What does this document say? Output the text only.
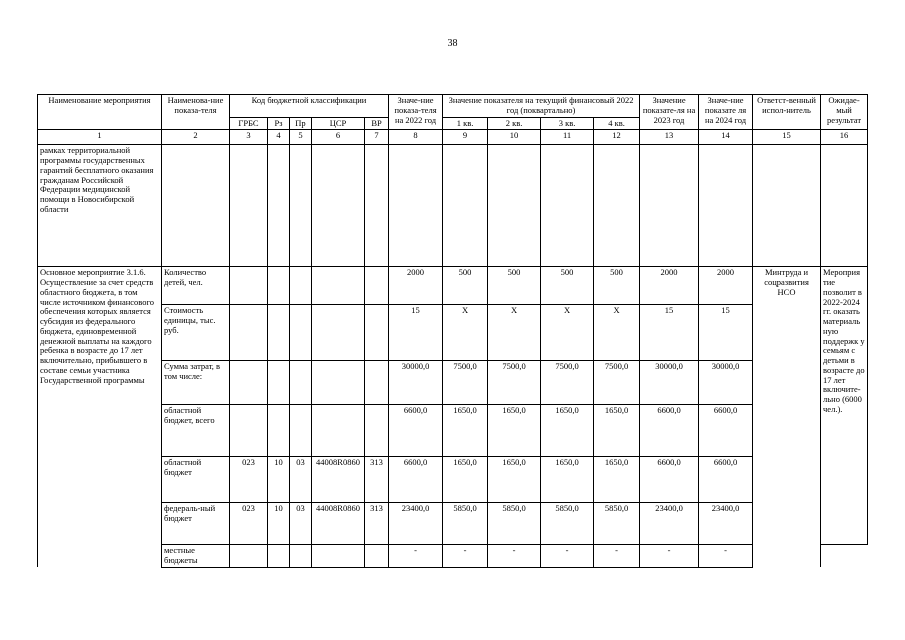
38
Наименование мероприятия	Наименова-ние показа-теля	Код бюджетной классификации					Значе-ние показа-теля на 2022 год	Значение показателя на текущий финансовый 2022 год (поквартально)				Значение показате-ля на 2023 год	Значе-ние показате ля на 2024 год	Ответст-венный испол-нитель	Ожидае-мый результат
		ГРБС	Рз	Пр	ЦСР	ВР		1 кв.	2 кв.	3 кв.	4 кв.				
1	2	3	4	5	6	7	8	9	10	11	12	13	14	15	16
рамках территориальной программы государственных гарантий бесплатного оказания гражданам Российской Федерации медицинской помощи в Новосибирской области															
Основное мероприятие 3.1.6. Осуществление за счет средств областного бюджета, в том числе источником финансового обеспечения которых является субсидия из федерального бюджета, единовременной денежной выплаты на каждого ребенка в возрасте до 17 лет включительно, прибывшего в составе семьи участника Государственной программы	Количество детей, чел.						2000	500	500	500	500	2000	2000	Минтруда и соцразвития НСО	Мероприя тие позволит в 2022-2024 гг. оказать материаль ную поддержк у семьям с детьми в возрасте до 17 лет включите-льно (6000 чел.).
	Стоимость единицы, тыс. руб.						15	X	X	X	X	15	15		
	Сумма затрат, в том числе:						30000,0	7500,0	7500,0	7500,0	7500,0	30000,0	30000,0		
	областной бюджет, всего						6600,0	1650,0	1650,0	1650,0	1650,0	6600,0	6600,0		
	областной бюджет	023	10	03	44008R0860	313	6600,0	1650,0	1650,0	1650,0	1650,0	6600,0	6600,0		
	федераль-ный бюджет	023	10	03	44008R0860	313	23400,0	5850,0	5850,0	5850,0	5850,0	23400,0	23400,0		
	местные бюджеты						-	-	-	-	-	-	-		
